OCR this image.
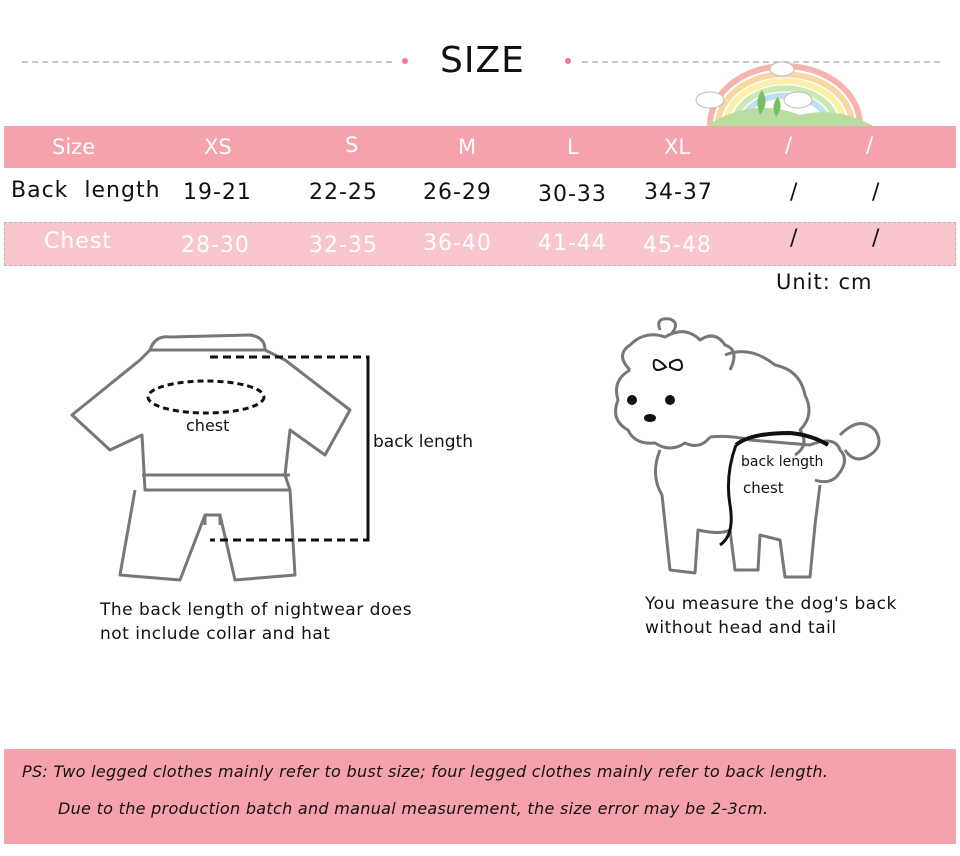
SIZE
Size	XS	S	M	L	XL	/	/
Back  length 19-21	22-25 26-29 30-33 34-37	/	/
Chest	28-30	32-35 36-40 41-44 45-48	/	/
Unit: cm
chest
back length
The back length of nightwear does
not include collar and hat
back length
chest
You measure the dog's back
without head and tail
PS: Two legged clothes mainly refer to bust size; four legged clothes mainly refer to back length.
Due to the production batch and manual measurement, the size error may be 2-3cm.
